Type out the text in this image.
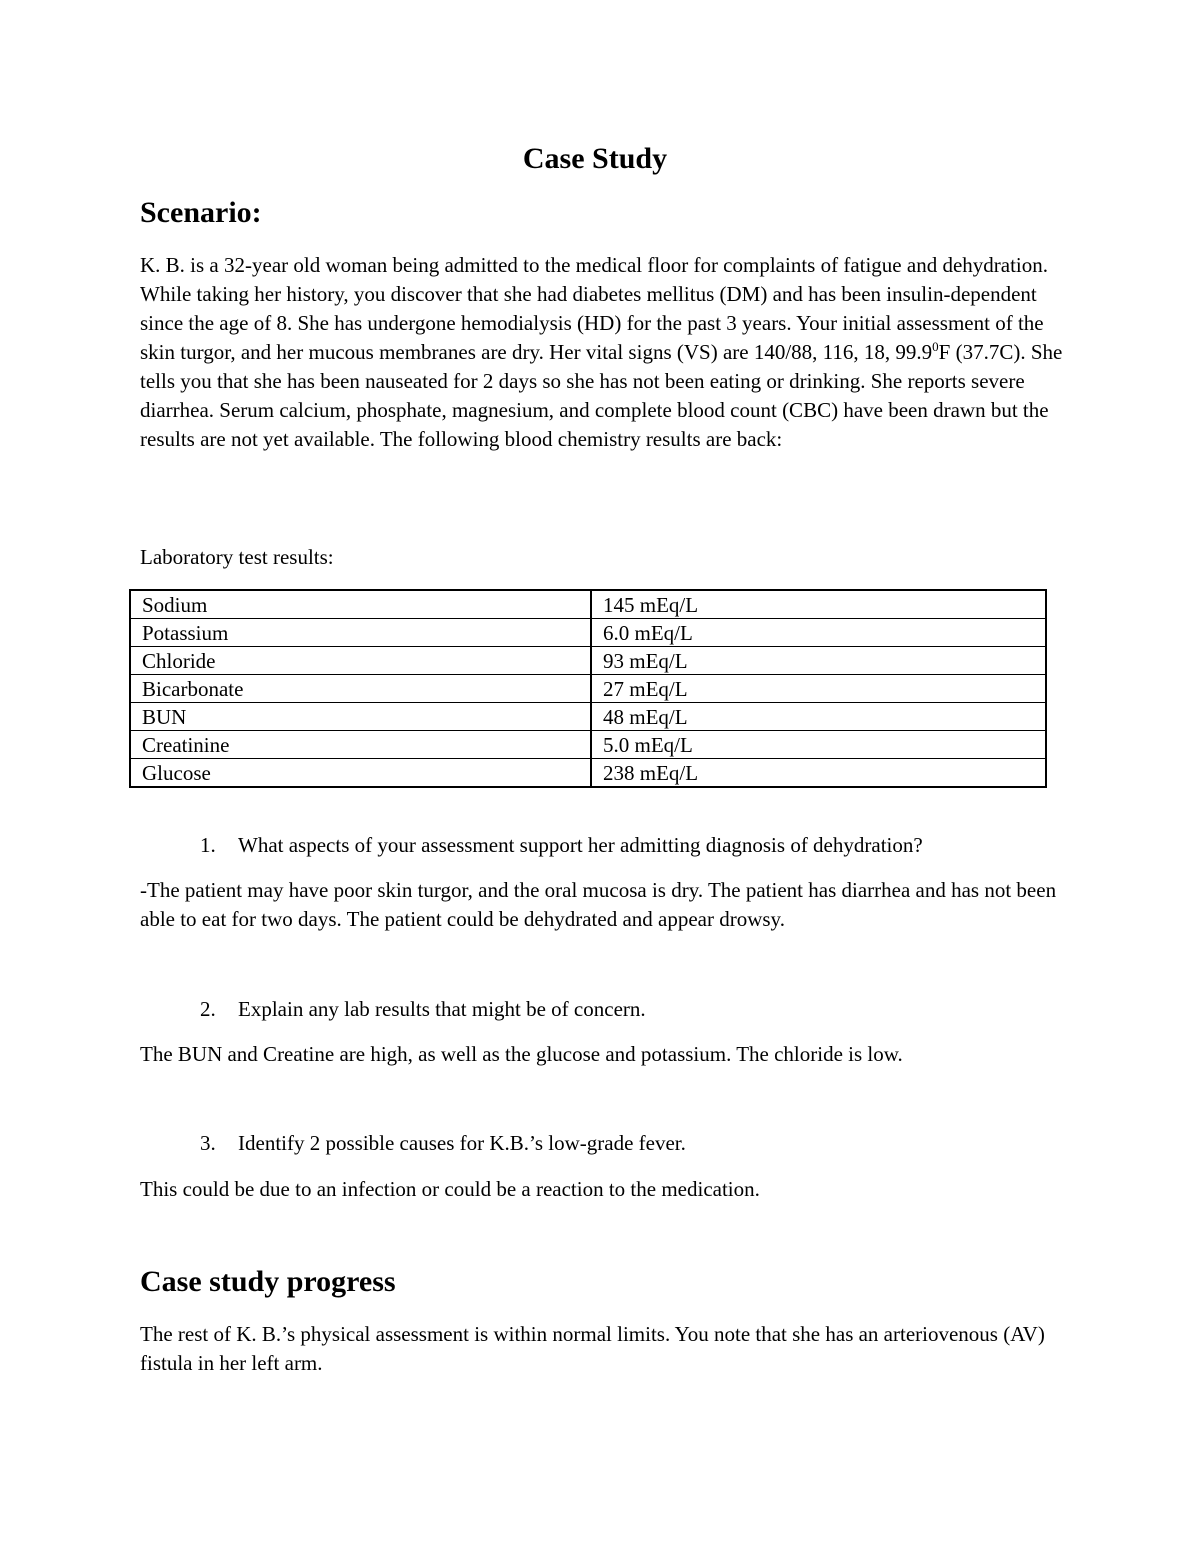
Case Study
Scenario:

K. B. is a 32-year old woman being admitted to the medical floor for complaints of fatigue and dehydration. While taking her history, you discover that she had diabetes mellitus (DM) and has been insulin-dependent since the age of 8. She has undergone hemodialysis (HD) for the past 3 years. Your initial assessment of the skin turgor, and her mucous membranes are dry. Her vital signs (VS) are 140/88, 116, 18, 99.9$^0$F (37.7C). She tells you that she has been nauseated for 2 days so she has not been eating or drinking. She reports severe diarrhea. Serum calcium, phosphate, magnesium, and complete blood count (CBC) have been drawn but the results are not yet available. The following blood chemistry results are back:

Laboratory test results:

Sodium	145 mEq/L
Potassium	6.0 mEq/L
Chloride	93 mEq/L
Bicarbonate	27 mEq/L
BUN	48 mEq/L
Creatinine	5.0 mEq/L
Glucose	238 mEq/L

1. What aspects of your assessment support her admitting diagnosis of dehydration?

-The patient may have poor skin turgor, and the oral mucosa is dry. The patient has diarrhea and has not been able to eat for two days. The patient could be dehydrated and appear drowsy.

2. Explain any lab results that might be of concern.

The BUN and Creatine are high, as well as the glucose and potassium. The chloride is low.

3. Identify 2 possible causes for K.B.’s low-grade fever.

This could be due to an infection or could be a reaction to the medication.

Case study progress

The rest of K. B.’s physical assessment is within normal limits. You note that she has an arteriovenous (AV) fistula in her left arm.
